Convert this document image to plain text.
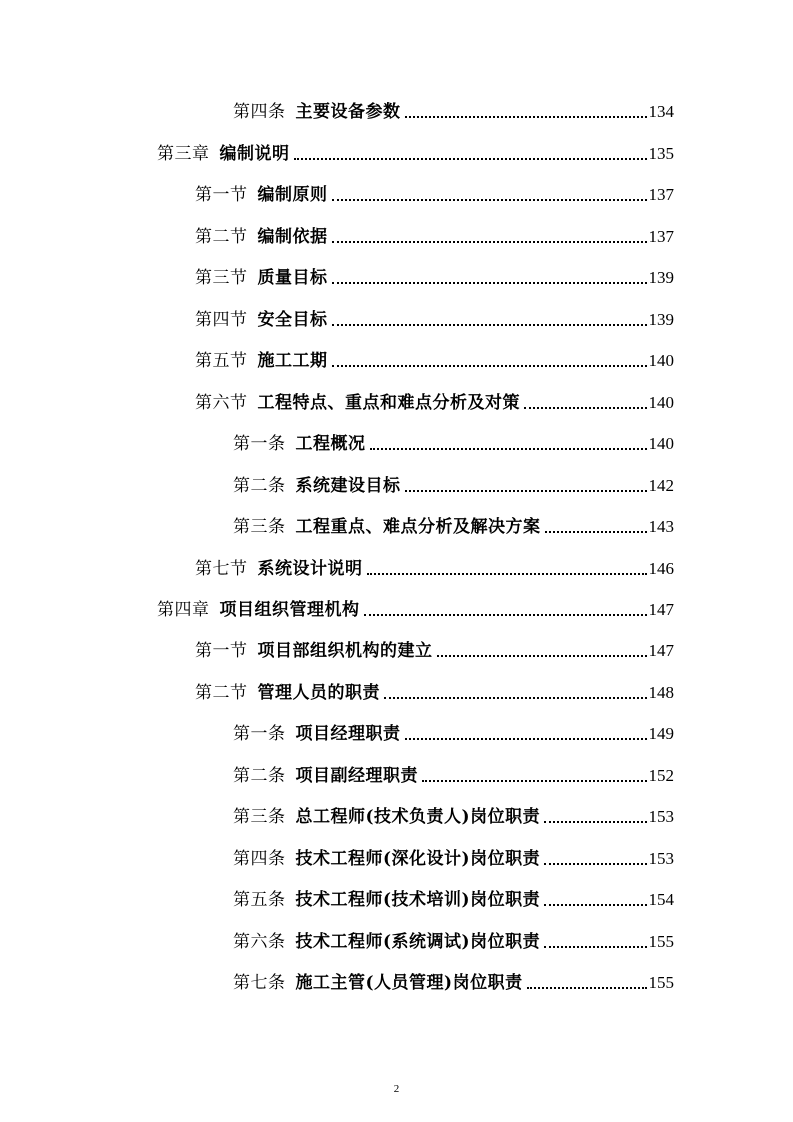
第四条 主要设备参数	134
第三章 编制说明	135
第一节 编制原则	137
第二节 编制依据	137
第三节 质量目标	139
第四节 安全目标	139
第五节 施工工期	140
第六节 工程特点、重点和难点分析及对策	140
第一条 工程概况	140
第二条 系统建设目标	142
第三条 工程重点、难点分析及解决方案	143
第七节 系统设计说明	146
第四章 项目组织管理机构	147
第一节 项目部组织机构的建立	147
第二节 管理人员的职责	148
第一条 项目经理职责	149
第二条 项目副经理职责	152
第三条 总工程师(技术负责人)岗位职责	153
第四条 技术工程师(深化设计)岗位职责	153
第五条 技术工程师(技术培训)岗位职责	154
第六条 技术工程师(系统调试)岗位职责	155
第七条 施工主管(人员管理)岗位职责	155
2
